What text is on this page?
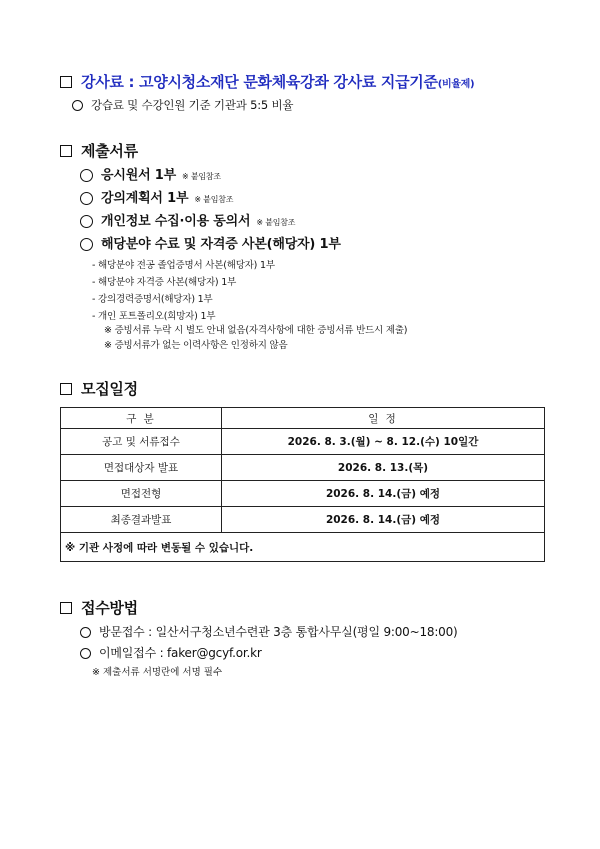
강사료 : 고양시청소재단 문화체육강좌 강사료 지급기준(비율제)
강습료 및 수강인원 기준 기관과 5:5 비율
제출서류
응시원서 1부 ※ 붙임참조
강의계획서 1부 ※ 붙임참조
개인정보 수집·이용 동의서 ※ 붙임참조
해당분야 수료 및 자격증 사본(해당자) 1부
- 해당분야 전공 졸업증명서 사본(해당자) 1부
- 해당분야 자격증 사본(해당자) 1부
- 강의경력증명서(해당자) 1부
- 개인 포트폴리오(희망자) 1부
※ 증빙서류 누락 시 별도 안내 없음(자격사항에 대한 증빙서류 반드시 제출)
※ 증빙서류가 없는 이력사항은 인정하지 않음
모집일정
구 분	일 정
공고 및 서류접수	2026. 8. 3.(월) ~ 8. 12.(수) 10일간
면접대상자 발표	2026. 8. 13.(목)
면접전형	2026. 8. 14.(금) 예정
최종결과발표	2026. 8. 14.(금) 예정
※ 기관 사정에 따라 변동될 수 있습니다.	
접수방법
방문접수 : 일산서구청소년수련관 3층 통합사무실(평일 9:00~18:00)
이메일접수 : faker@gcyf.or.kr
※ 제출서류 서명란에 서명 필수
